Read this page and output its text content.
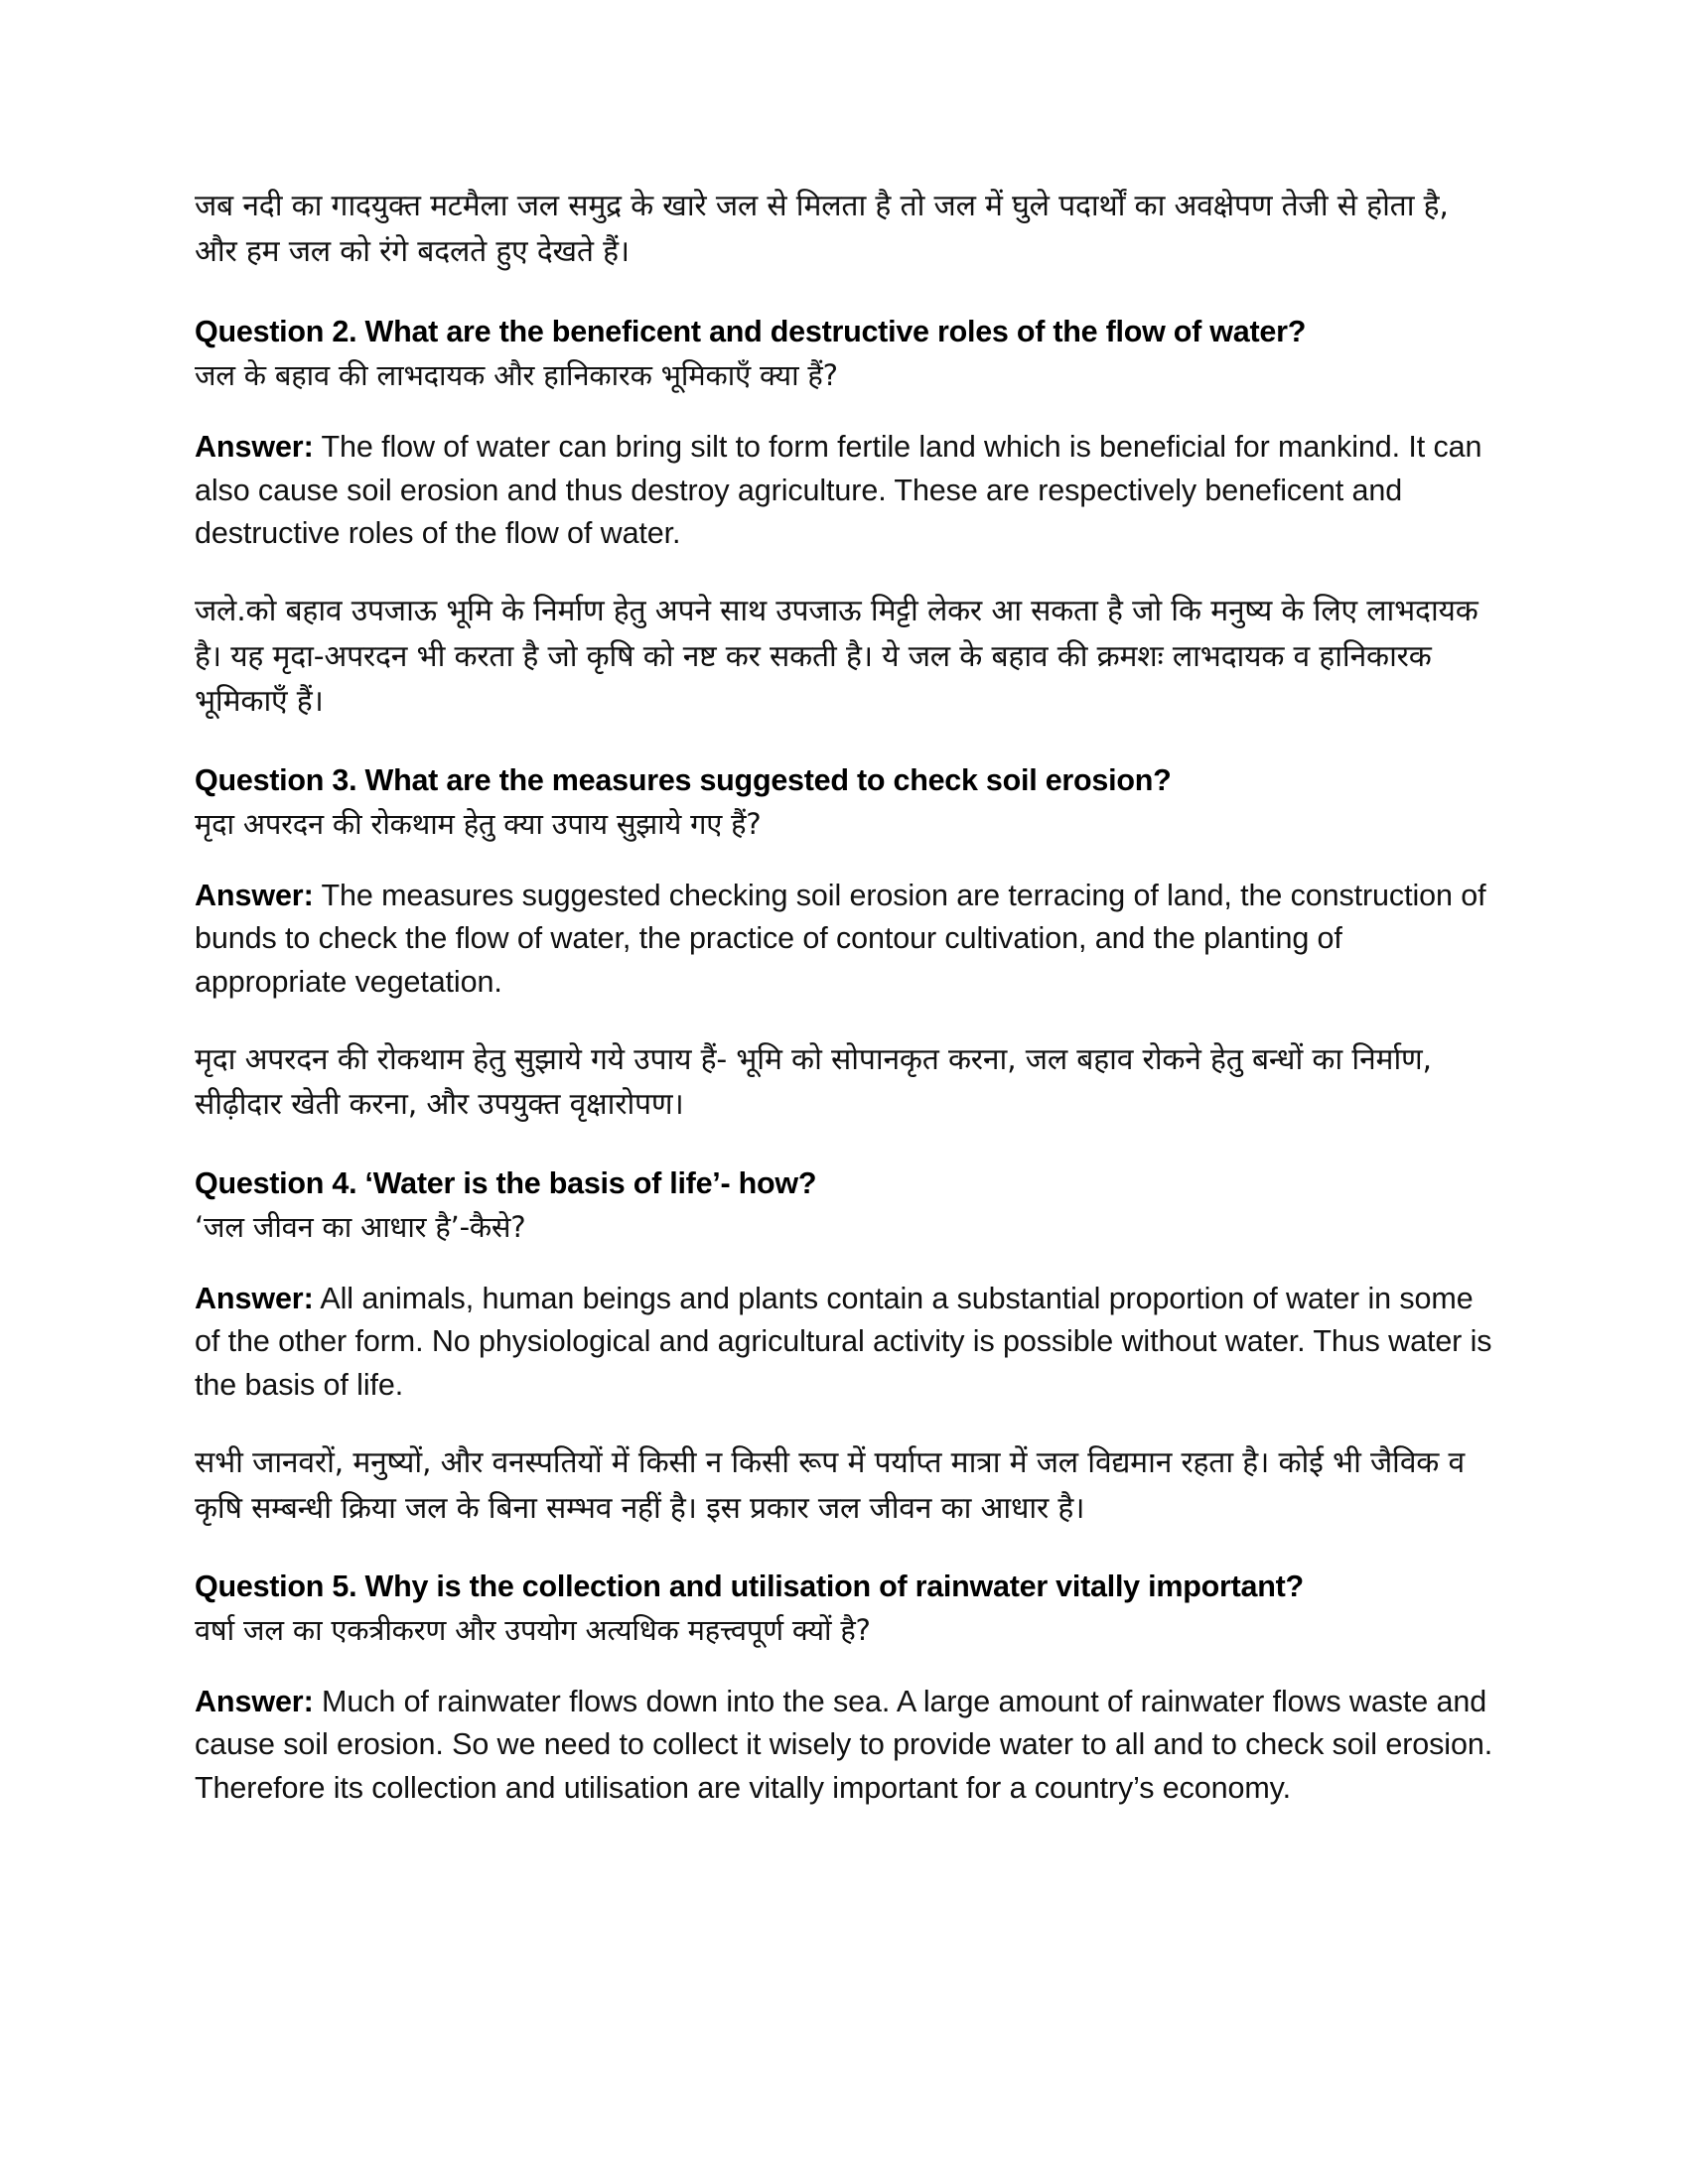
जब नदी का गादयुक्त मटमैला जल समुद्र के खारे जल से मिलता है तो जल में घुले पदार्थों का अवक्षेपण तेजी से होता है, और हम जल को रंगे बदलते हुए देखते हैं।

Question 2. What are the beneficent and destructive roles of the flow of water?

जल के बहाव की लाभदायक और हानिकारक भूमिकाएँ क्या हैं?

Answer: The flow of water can bring silt to form fertile land which is beneficial for mankind. It can also cause soil erosion and thus destroy agriculture. These are respectively beneficent and destructive roles of the flow of water.

जले.को बहाव उपजाऊ भूमि के निर्माण हेतु अपने साथ उपजाऊ मिट्टी लेकर आ सकता है जो कि मनुष्य के लिए लाभदायक है। यह मृदा-अपरदन भी करता है जो कृषि को नष्ट कर सकती है। ये जल के बहाव की क्रमशः लाभदायक व हानिकारक भूमिकाएँ हैं।

Question 3. What are the measures suggested to check soil erosion?

मृदा अपरदन की रोकथाम हेतु क्या उपाय सुझाये गए हैं?

Answer: The measures suggested checking soil erosion are terracing of land, the construction of bunds to check the flow of water, the practice of contour cultivation, and the planting of appropriate vegetation.

मृदा अपरदन की रोकथाम हेतु सुझाये गये उपाय हैं- भूमि को सोपानकृत करना, जल बहाव रोकने हेतु बन्धों का निर्माण, सीढ़ीदार खेती करना, और उपयुक्त वृक्षारोपण।

Question 4. ‘Water is the basis of life’- how?

‘जल जीवन का आधार है’-कैसे?

Answer: All animals, human beings and plants contain a substantial proportion of water in some of the other form. No physiological and agricultural activity is possible without water. Thus water is the basis of life.

सभी जानवरों, मनुष्यों, और वनस्पतियों में किसी न किसी रूप में पर्याप्त मात्रा में जल विद्यमान रहता है। कोई भी जैविक व कृषि सम्बन्धी क्रिया जल के बिना सम्भव नहीं है। इस प्रकार जल जीवन का आधार है।

Question 5. Why is the collection and utilisation of rainwater vitally important?

वर्षा जल का एकत्रीकरण और उपयोग अत्यधिक महत्त्वपूर्ण क्यों है?

Answer: Much of rainwater flows down into the sea. A large amount of rainwater flows waste and cause soil erosion. So we need to collect it wisely to provide water to all and to check soil erosion. Therefore its collection and utilisation are vitally important for a country’s economy.
